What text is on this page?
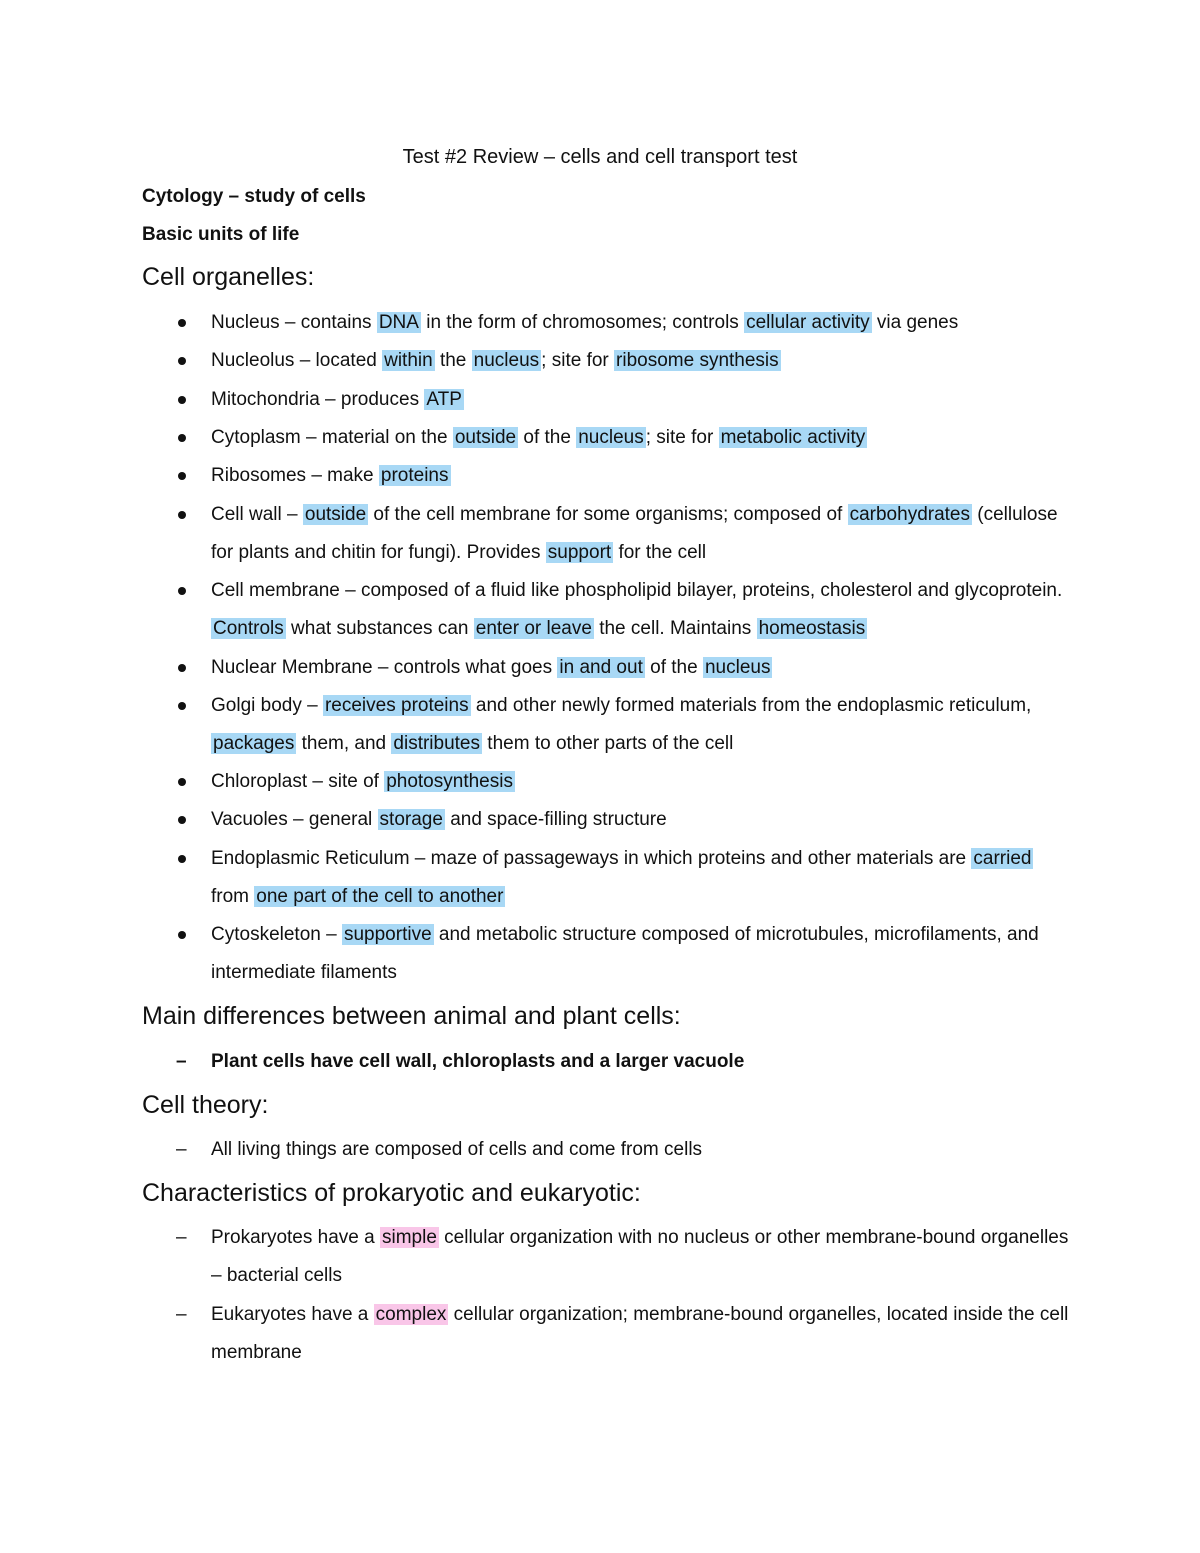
Test #2 Review – cells and cell transport test
Cytology – study of cells
Basic units of life
Cell organelles:
Nucleus – contains DNA in the form of chromosomes; controls cellular activity via genes
Nucleolus – located within the nucleus ; site for ribosome synthesis
Mitochondria – produces ATP
Cytoplasm – material on the outside of the nucleus ; site for metabolic activity
Ribosomes – make proteins
Cell wall – outside of the cell membrane for some organisms; composed of carbohydrates (cellulose for plants and chitin for fungi). Provides support for the cell
Cell membrane – composed of a fluid like phospholipid bilayer, proteins, cholesterol and glycoprotein. Controls what substances can enter or leave the cell. Maintains homeostasis
Nuclear Membrane – controls what goes in and out of the nucleus
Golgi body – receives proteins and other newly formed materials from the endoplasmic reticulum, packages them, and distributes them to other parts of the cell
Chloroplast – site of photosynthesis
Vacuoles – general storage and space-filling structure
Endoplasmic Reticulum – maze of passageways in which proteins and other materials are carried from one part of the cell to another
Cytoskeleton – supportive and metabolic structure composed of microtubules, microfilaments, and intermediate filaments
Main differences between animal and plant cells:
– Plant cells have cell wall, chloroplasts and a larger vacuole
Cell theory:
– All living things are composed of cells and come from cells
Characteristics of prokaryotic and eukaryotic:
– Prokaryotes have a simple cellular organization with no nucleus or other membrane-bound organelles – bacterial cells
– Eukaryotes have a complex cellular organization; membrane-bound organelles, located inside the cell membrane
